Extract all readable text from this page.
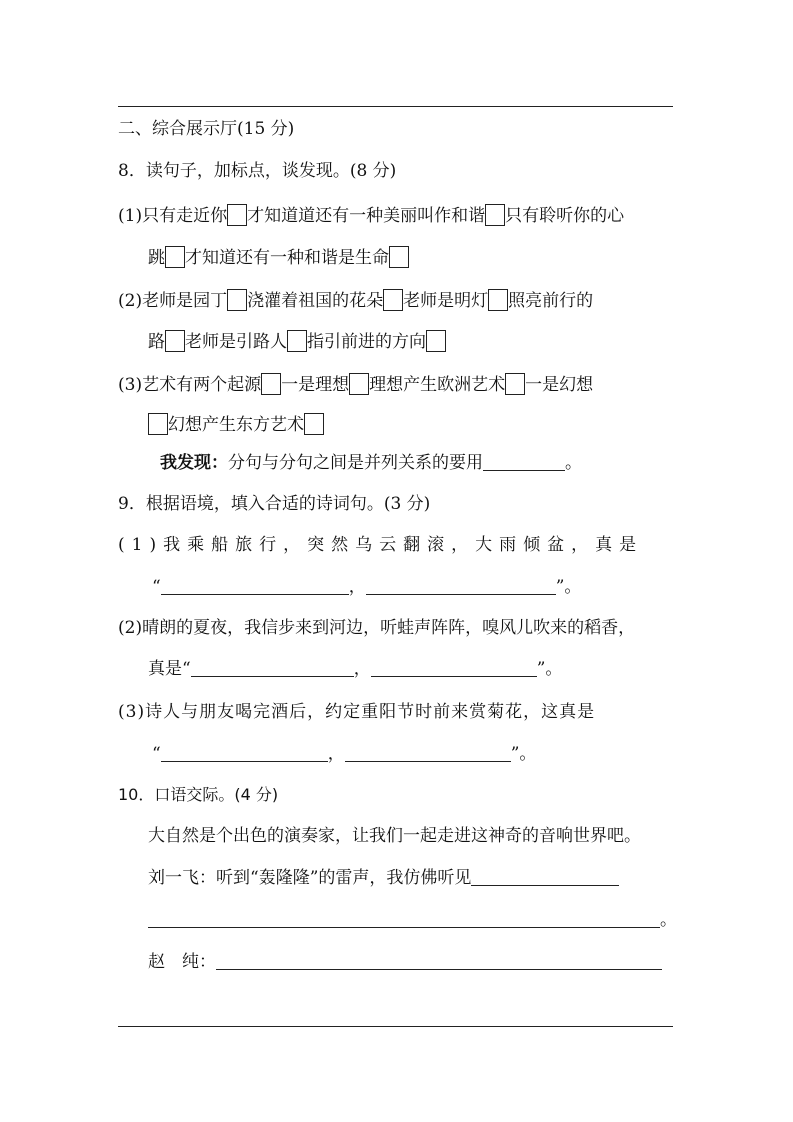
二、综合展示厅(15 分)
8．读句子，加标点，谈发现。(8 分)
(1)只有走近你 才知道道还有一种美丽叫作和谐 只有聆听你的心
跳 才知道还有一种和谐是生命
(2)老师是园丁 浇灌着祖国的花朵 老师是明灯 照亮前行的
路 老师是引路人 指引前进的方向
(3)艺术有两个起源 一是理想 理想产生欧洲艺术 一是幻想
幻想产生东方艺术
我发现：分句与分句之间是并列关系的要用	。
9．根据语境，填入合适的诗词句。(3 分)
(1)我乘船旅行，突然乌云翻滚，大雨倾盆，真是
“	，	”。
(2)晴朗的夏夜，我信步来到河边，听蛙声阵阵，嗅风儿吹来的稻香，
真是“	，	”。
(3)诗人与朋友喝完酒后，约定重阳节时前来赏菊花，这真是
“	，	”。
10．口语交际。(4 分)
大自然是个出色的演奏家，让我们一起走进这神奇的音响世界吧。
刘一飞：听到“轰隆隆”的雷声，我仿佛听见
。
赵　纯：
